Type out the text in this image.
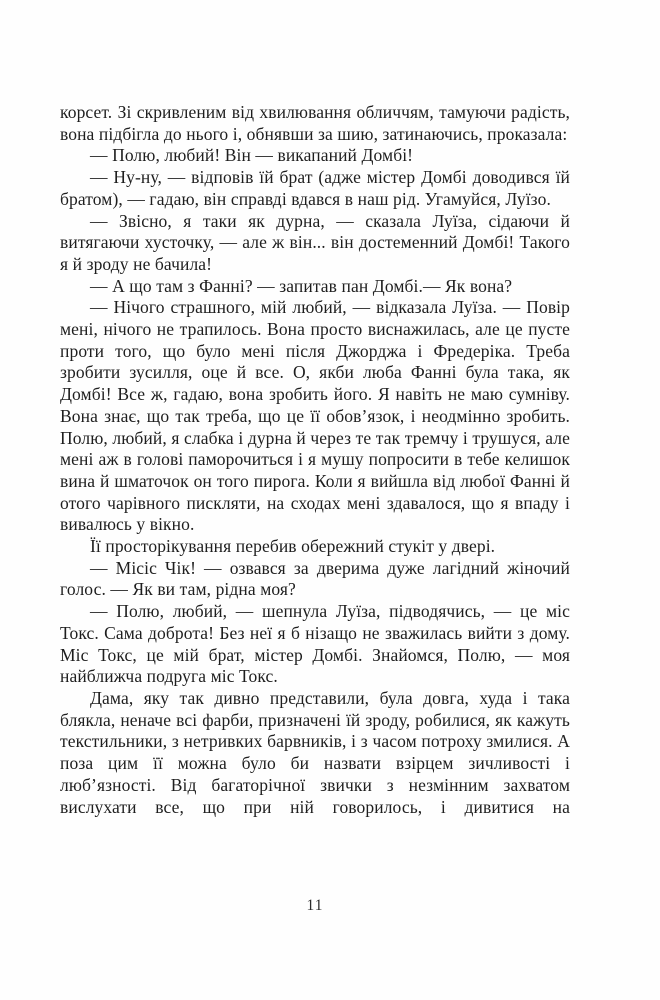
корсет. Зі скривленим від хвилювання обличчям, тамуючи радість, вона підбігла до нього і, обнявши за шию, затинаючись, проказала:

— Полю, любий! Він — викапаний Домбі!

— Ну-ну, — відповів їй брат (адже містер Домбі доводився їй братом), — гадаю, він справді вдався в наш рід. Угамуйся, Луїзо.

— Звісно, я таки як дурна, — сказала Луїза, сідаючи й витягаючи хусточку, — але ж він... він достеменний Домбі! Такого я й зроду не бачила!

— А що там з Фанні? — запитав пан Домбі.— Як вона?

— Нічого страшного, мій любий, — відказала Луїза. — Повір мені, нічого не трапилось. Вона просто виснажилась, але це пусте проти того, що було мені після Джорджа і Фредеріка. Треба зробити зусилля, оце й все. О, якби люба Фанні була така, як Домбі! Все ж, гадаю, вона зробить його. Я навіть не маю сумніву. Вона знає, що так треба, що це її обов’язок, і неодмінно зробить. Полю, любий, я слабка і дурна й через те так тремчу і трушуся, але мені аж в голові паморочиться і я мушу попросити в тебе келишок вина й шматочок он того пирога. Коли я вийшла від любої Фанні й отого чарівного пискляти, на сходах мені здавалося, що я впаду і вивалюсь у вікно.

Її просторікування перебив обережний стукіт у двері.

— Місіс Чік! — озвався за дверима дуже лагідний жіночий голос. — Як ви там, рідна моя?

— Полю, любий, — шепнула Луїза, підводячись, — це міс Токс. Сама доброта! Без неї я б нізащо не зважилась вийти з дому. Міс Токс, це мій брат, містер Домбі. Знайомся, Полю, — моя найближча подруга міс Токс.

Дама, яку так дивно представили, була довга, худа і така блякла, неначе всі фарби, призначені їй зроду, робилися, як кажуть текстильники, з нетривких барвників, і з часом потроху змилися. А поза цим її можна було би назвати взірцем зичливості і люб’язності. Від багаторічної звички з незмінним захватом вислухати все, що при ній говорилось, і дивитися на

11
